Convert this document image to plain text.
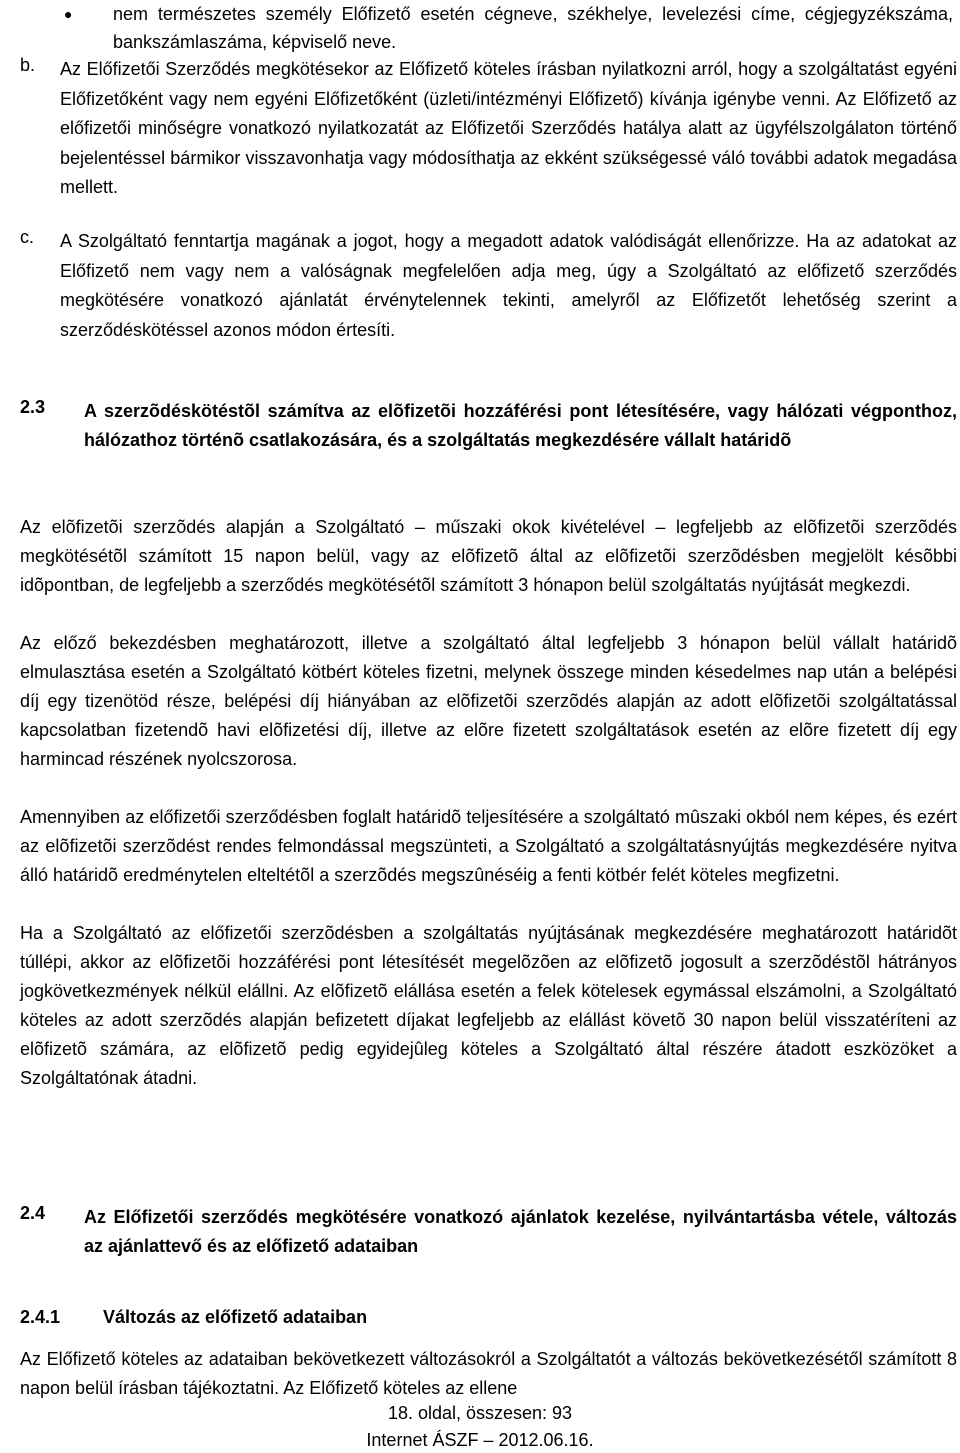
● nem természetes személy Előfizető esetén cégneve, székhelye, levelezési címe, cégjegyzékszáma, bankszámlaszáma, képviselő neve.
b. Az Előfizetői Szerződés megkötésekor az Előfizető köteles írásban nyilatkozni arról, hogy a szolgáltatást egyéni Előfizetőként vagy nem egyéni Előfizetőként (üzleti/intézményi Előfizető) kívánja igénybe venni. Az Előfizető az előfizetői minőségre vonatkozó nyilatkozatát az Előfizetői Szerződés hatálya alatt az ügyfélszolgálaton történő bejelentéssel bármikor visszavonhatja vagy módosíthatja az ekként szükségessé váló további adatok megadása mellett.
c. A Szolgáltató fenntartja magának a jogot, hogy a megadott adatok valódiságát ellenőrizze. Ha az adatokat az Előfizető nem vagy nem a valóságnak megfelelően adja meg, úgy a Szolgáltató az előfizető szerződés megkötésére vonatkozó ajánlatát érvénytelennek tekinti, amelyről az Előfizetőt lehetőség szerint a szerződéskötéssel azonos módon értesíti.
2.3 A szerzõdéskötéstõl számítva az elõfizetõi hozzáférési pont létesítésére, vagy hálózati végponthoz, hálózathoz történõ csatlakozására, és a szolgáltatás megkezdésére vállalt határidõ
Az elõfizetõi szerzõdés alapján a Szolgáltató – műszaki okok kivételével – legfeljebb az elõfizetõi szerzõdés megkötésétõl számított 15 napon belül, vagy az elõfizetõ által az elõfizetõi szerzõdésben megjelölt késõbbi idõpontban, de legfeljebb a szerződés megkötésétõl számított 3 hónapon belül szolgáltatás nyújtását megkezdi.
Az előző bekezdésben meghatározott, illetve a szolgáltató által legfeljebb 3 hónapon belül vállalt határidõ elmulasztása esetén a Szolgáltató kötbért köteles fizetni, melynek összege minden késedelmes nap után a belépési díj egy tizenötöd része, belépési díj hiányában az elõfizetõi szerzõdés alapján az adott elõfizetõi szolgáltatással kapcsolatban fizetendõ havi elõfizetési díj, illetve az elõre fizetett szolgáltatások esetén az elõre fizetett díj egy harmincad részének nyolcszorosa.
Amennyiben az előfizetői szerződésben foglalt határidõ teljesítésére a szolgáltató mûszaki okból nem képes, és ezért az elõfizetõi szerzõdést rendes felmondással megszünteti, a Szolgáltató a szolgáltatásnyújtás megkezdésére nyitva álló határidõ eredménytelen elteltétõl a szerzõdés megszûnéséig a fenti kötbér felét köteles megfizetni.
Ha a Szolgáltató az előfizetői szerzõdésben a szolgáltatás nyújtásának megkezdésére meghatározott határidõt túllépi, akkor az elõfizetõi hozzáférési pont létesítését megelõzõen az elõfizetõ jogosult a szerzõdéstõl hátrányos jogkövetkezmények nélkül elállni. Az elõfizetõ elállása esetén a felek kötelesek egymással elszámolni, a Szolgáltató köteles az adott szerzõdés alapján befizetett díjakat legfeljebb az elállást követõ 30 napon belül visszatéríteni az elõfizetõ számára, az elõfizetõ pedig egyidejûleg köteles a Szolgáltató által részére átadott eszközöket a Szolgáltatónak átadni.
2.4 Az Előfizetői szerződés megkötésére vonatkozó ajánlatok kezelése, nyilvántartásba vétele, változás az ajánlattevő és az előfizető adataiban
2.4.1 Változás az előfizető adataiban
Az Előfizető köteles az adataiban bekövetkezett változásokról a Szolgáltatót a változás bekövetkezésétől számított 8 napon belül írásban tájékoztatni. Az Előfizető köteles az ellene
18. oldal, összesen: 93
Internet ÁSZF – 2012.06.16.
